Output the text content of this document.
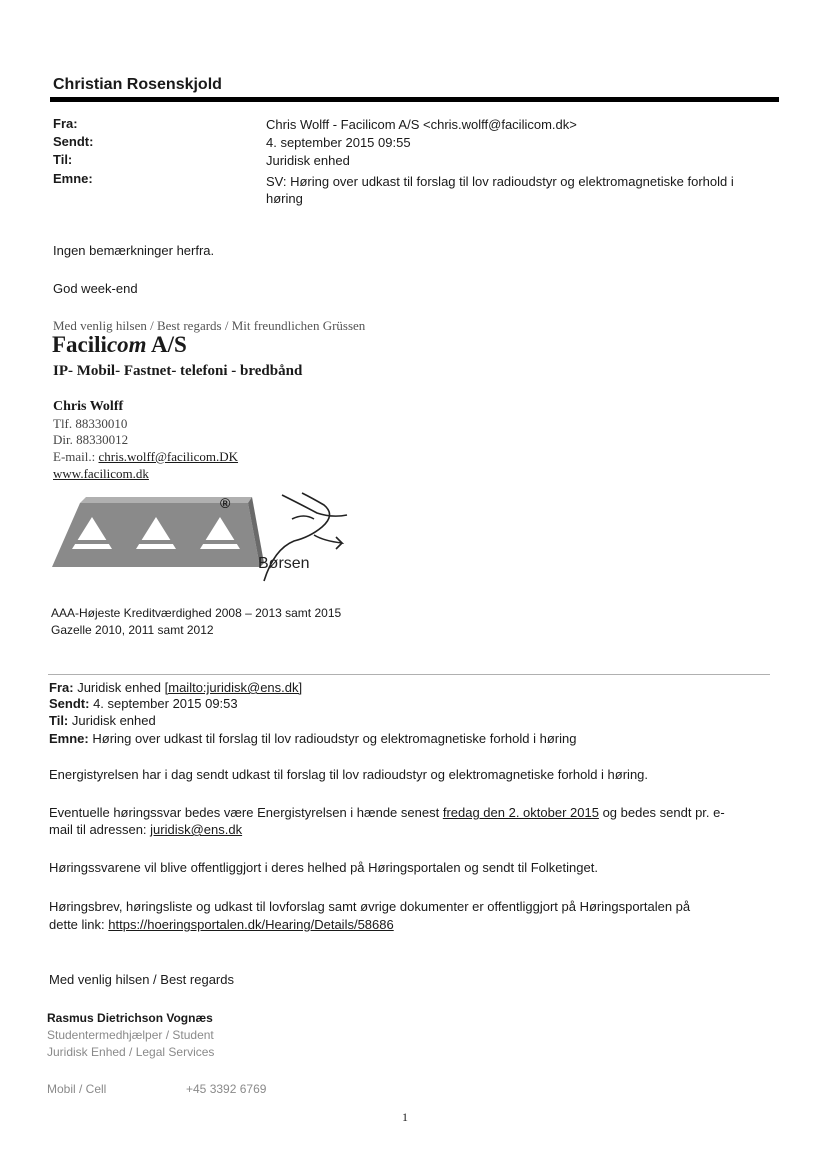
Christian Rosenskjold
Fra:
Sendt:
Til:
Emne:
Chris Wolff - Facilicom A/S <chris.wolff@facilicom.dk>
4. september 2015 09:55
Juridisk enhed
SV: Høring over udkast til forslag til lov radioudstyr og elektromagnetiske forhold i
høring
Ingen bemærkninger herfra.
God week-end
Med venlig hilsen / Best regards / Mit freundlichen Grüssen
Facilicom A/S
IP- Mobil- Fastnet- telefoni - bredbånd
Chris Wolff
Tlf. 88330010
Dir. 88330012
E-mail.: chris.wolff@facilicom.DK
www.facilicom.dk
®
Børsen
AAA-Højeste Kreditværdighed 2008 – 2013 samt 2015
Gazelle 2010, 2011 samt 2012
Fra: Juridisk enhed [mailto:juridisk@ens.dk]
Sendt: 4. september 2015 09:53
Til: Juridisk enhed
Emne: Høring over udkast til forslag til lov radioudstyr og elektromagnetiske forhold i høring
Energistyrelsen har i dag sendt udkast til forslag til lov radioudstyr og elektromagnetiske forhold i høring.
Eventuelle høringssvar bedes være Energistyrelsen i hænde senest fredag den 2. oktober 2015 og bedes sendt pr. e-
mail til adressen: juridisk@ens.dk
Høringssvarene vil blive offentliggjort i deres helhed på Høringsportalen og sendt til Folketinget.
Høringsbrev, høringsliste og udkast til lovforslag samt øvrige dokumenter er offentliggjort på Høringsportalen på
dette link: https://hoeringsportalen.dk/Hearing/Details/58686
Med venlig hilsen / Best regards
Rasmus Dietrichson Vognæs
Studentermedhjælper / Student
Juridisk Enhed / Legal Services
Mobil / Cell	+45 3392 6769
1
